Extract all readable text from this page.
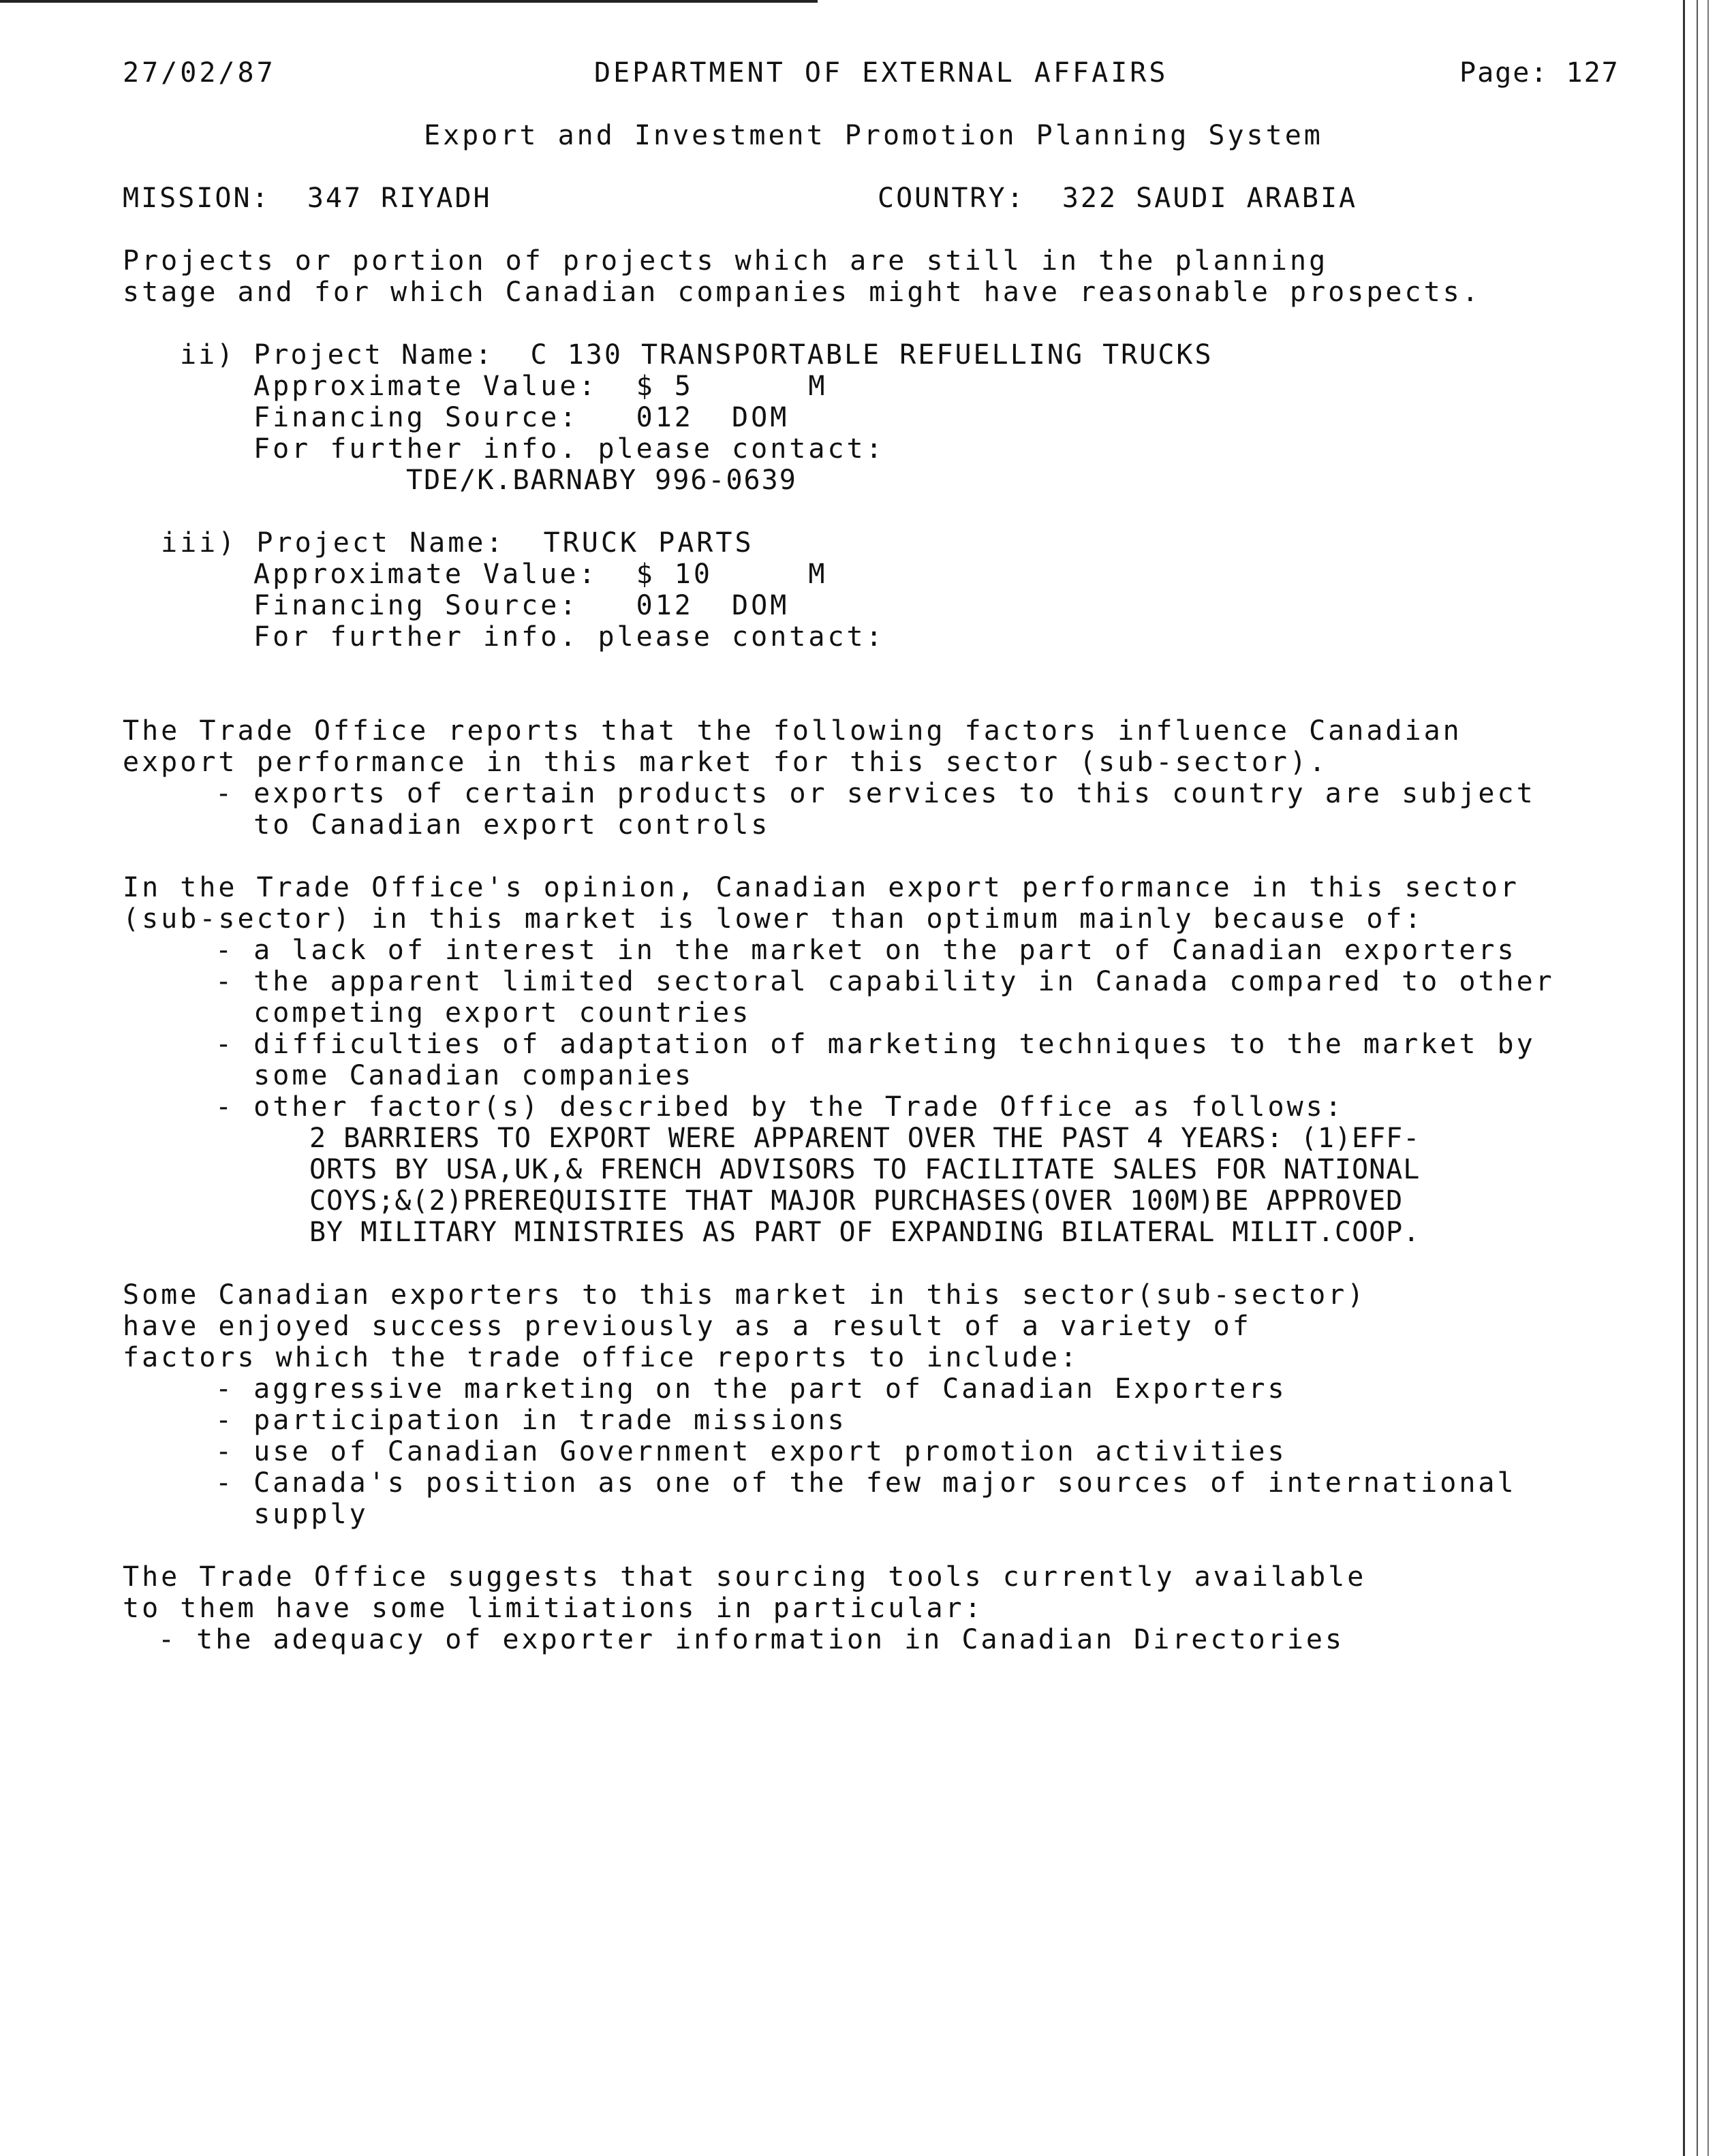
27/02/87	DEPARTMENT OF EXTERNAL AFFAIRS	Page: 127
Export and Investment Promotion Planning System
MISSION:  347 RIYADH	COUNTRY:  322 SAUDI ARABIA
Projects or portion of projects which are still in the planning
stage and for which Canadian companies might have reasonable prospects.
ii) Project Name:  C 130 TRANSPORTABLE REFUELLING TRUCKS
Approximate Value:  $ 5      M
Financing Source:   012  DOM
For further info. please contact:
TDE/K.BARNABY 996-0639
iii) Project Name:  TRUCK PARTS
Approximate Value:  $ 10     M
Financing Source:   012  DOM
For further info. please contact:
The Trade Office reports that the following factors influence Canadian
export performance in this market for this sector (sub-sector).
- exports of certain products or services to this country are subject
to Canadian export controls
In the Trade Office's opinion, Canadian export performance in this sector
(sub-sector) in this market is lower than optimum mainly because of:
- a lack of interest in the market on the part of Canadian exporters
- the apparent limited sectoral capability in Canada compared to other
competing export countries
- difficulties of adaptation of marketing techniques to the market by
some Canadian companies
- other factor(s) described by the Trade Office as follows:
2 BARRIERS TO EXPORT WERE APPARENT OVER THE PAST 4 YEARS: (1)EFF-
ORTS BY USA,UK,& FRENCH ADVISORS TO FACILITATE SALES FOR NATIONAL
COYS;&(2)PREREQUISITE THAT MAJOR PURCHASES(OVER 100M)BE APPROVED
BY MILITARY MINISTRIES AS PART OF EXPANDING BILATERAL MILIT.COOP.
Some Canadian exporters to this market in this sector(sub-sector)
have enjoyed success previously as a result of a variety of
factors which the trade office reports to include:
- aggressive marketing on the part of Canadian Exporters
- participation in trade missions
- use of Canadian Government export promotion activities
- Canada's position as one of the few major sources of international
supply
The Trade Office suggests that sourcing tools currently available
to them have some limitiations in particular:
- the adequacy of exporter information in Canadian Directories
